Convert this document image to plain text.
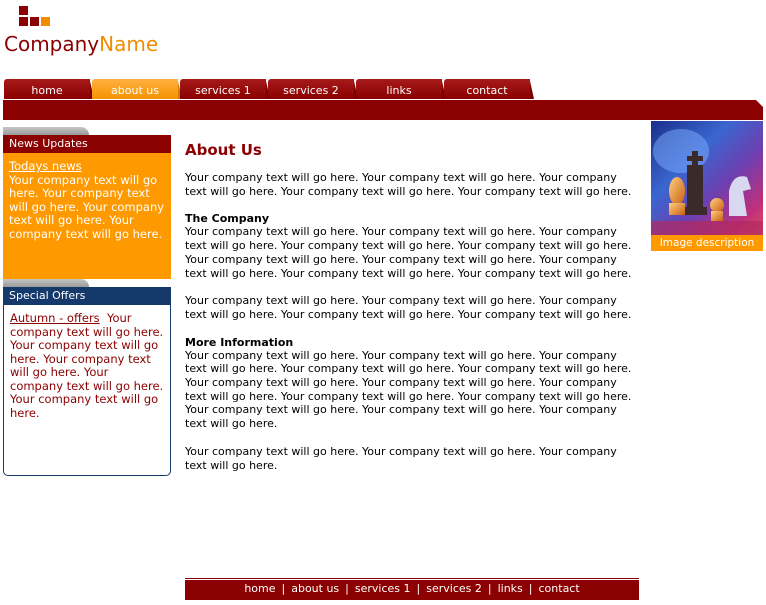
CompanyName
home	about us	services 1	services 2	links	contact
News Updates
Todays news
Your company text will go here. Your company text will go here. Your company text will go here. Your company text will go here.
Special Offers
Autumn - offers Your company text will go here. Your company text will go here. Your company text will go here. Your company text will go here. Your company text will go here.
About Us

Your company text will go here. Your company text will go here. Your company text will go here. Your company text will go here. Your company text will go here.

The Company

Your company text will go here. Your company text will go here. Your company text will go here. Your company text will go here. Your company text will go here. Your company text will go here. Your company text will go here. Your company text will go here. Your company text will go here. Your company text will go here.

Your company text will go here. Your company text will go here. Your company text will go here. Your company text will go here. Your company text will go here.

More Information

Your company text will go here. Your company text will go here. Your company text will go here. Your company text will go here. Your company text will go here. Your company text will go here. Your company text will go here. Your company text will go here. Your company text will go here. Your company text will go here. Your company text will go here. Your company text will go here. Your company text will go here.

Your company text will go here. Your company text will go here. Your company text will go here.

Image description
home | about us | services 1 | services 2 | links | contact
